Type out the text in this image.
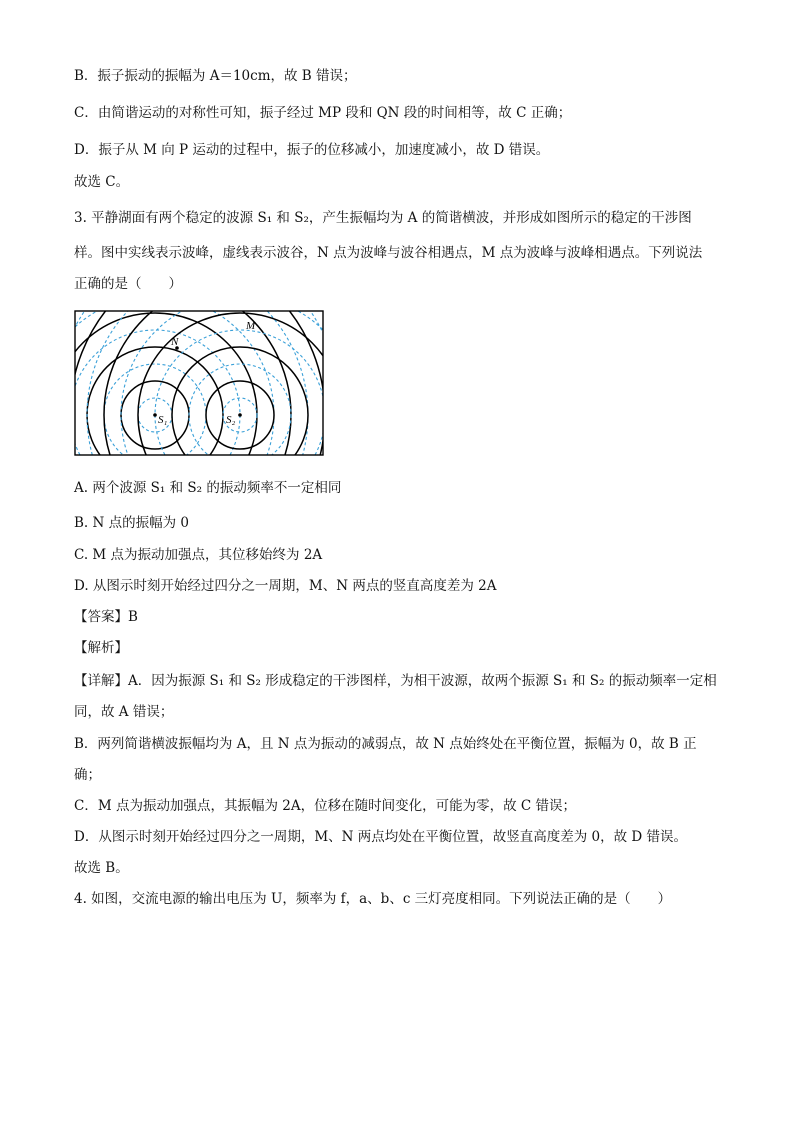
B．振子振动的振幅为 A＝10cm，故 B 错误；
C．由简谐运动的对称性可知，振子经过 MP 段和 QN 段的时间相等，故 C 正确；
D．振子从 M 向 P 运动的过程中，振子的位移减小，加速度减小，故 D 错误。
故选 C。
3. 平静湖面有两个稳定的波源 S₁ 和 S₂，产生振幅均为 A 的简谐横波，并形成如图所示的稳定的干涉图
样。图中实线表示波峰，虚线表示波谷，N 点为波峰与波谷相遇点，M 点为波峰与波峰相遇点。下列说法
正确的是（　　）
S₁	S₂
N
M
A. 两个波源 S₁ 和 S₂ 的振动频率不一定相同
B. N 点的振幅为 0
C. M 点为振动加强点，其位移始终为 2A
D. 从图示时刻开始经过四分之一周期，M、N 两点的竖直高度差为 2A
【答案】B
【解析】
【详解】A．因为振源 S₁ 和 S₂ 形成稳定的干涉图样，为相干波源，故两个振源 S₁ 和 S₂ 的振动频率一定相
同，故 A 错误；
B．两列简谐横波振幅均为 A，且 N 点为振动的减弱点，故 N 点始终处在平衡位置，振幅为 0，故 B 正
确；
C．M 点为振动加强点，其振幅为 2A，位移在随时间变化，可能为零，故 C 错误；
D．从图示时刻开始经过四分之一周期，M、N 两点均处在平衡位置，故竖直高度差为 0，故 D 错误。
故选 B。
4. 如图，交流电源的输出电压为 U，频率为 f，a、b、c 三灯亮度相同。下列说法正确的是（　　）
